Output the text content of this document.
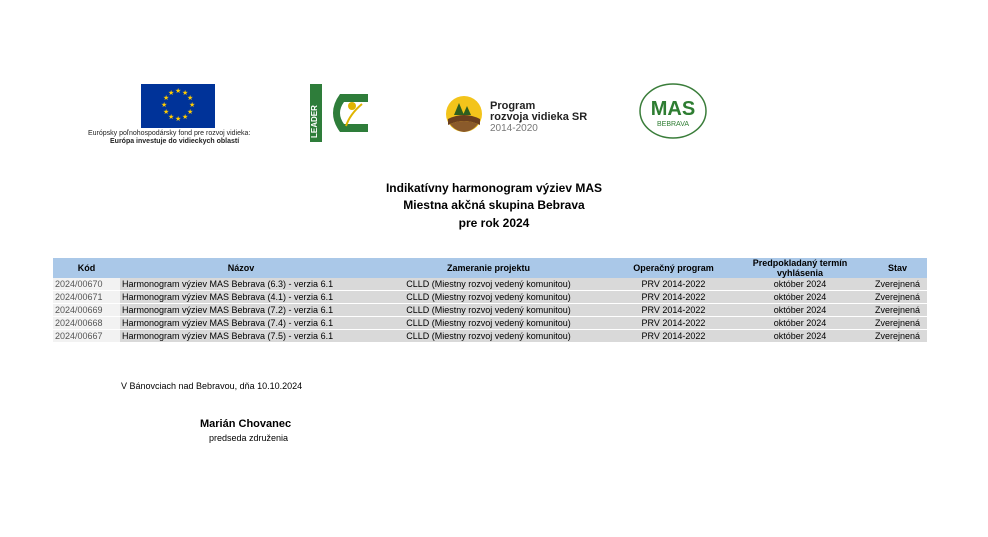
★ ★
★
★
★
★
★
★
★
★
★
★
Európsky poľnohospodársky fond pre rozvoj vidieka:
Európa investuje do vidieckych oblastí
LEADER	Program
rozvoja vidieka SR
2014-2020
MAS
BEBRAVA
Indikatívny harmonogram výziev MAS
Miestna akčná skupina Bebrava
pre rok 2024
Kód	Názov	Zameranie projektu	Operačný program	Predpokladaný termín vyhlásenia	Stav
2024/00670	Harmonogram výziev MAS Bebrava (6.3) - verzia 6.1	CLLD (Miestny rozvoj vedený komunitou)	PRV 2014-2022	október 2024	Zverejnená
2024/00671	Harmonogram výziev MAS Bebrava (4.1) - verzia 6.1	CLLD (Miestny rozvoj vedený komunitou)	PRV 2014-2022	október 2024	Zverejnená
2024/00669	Harmonogram výziev MAS Bebrava (7.2) - verzia 6.1	CLLD (Miestny rozvoj vedený komunitou)	PRV 2014-2022	október 2024	Zverejnená
2024/00668	Harmonogram výziev MAS Bebrava (7.4) - verzia 6.1	CLLD (Miestny rozvoj vedený komunitou)	PRV 2014-2022	október 2024	Zverejnená
2024/00667	Harmonogram výziev MAS Bebrava (7.5) - verzia 6.1	CLLD (Miestny rozvoj vedený komunitou)	PRV 2014-2022	október 2024	Zverejnená
V Bánovciach nad Bebravou, dňa 10.10.2024
Marián Chovanec
predseda združenia
